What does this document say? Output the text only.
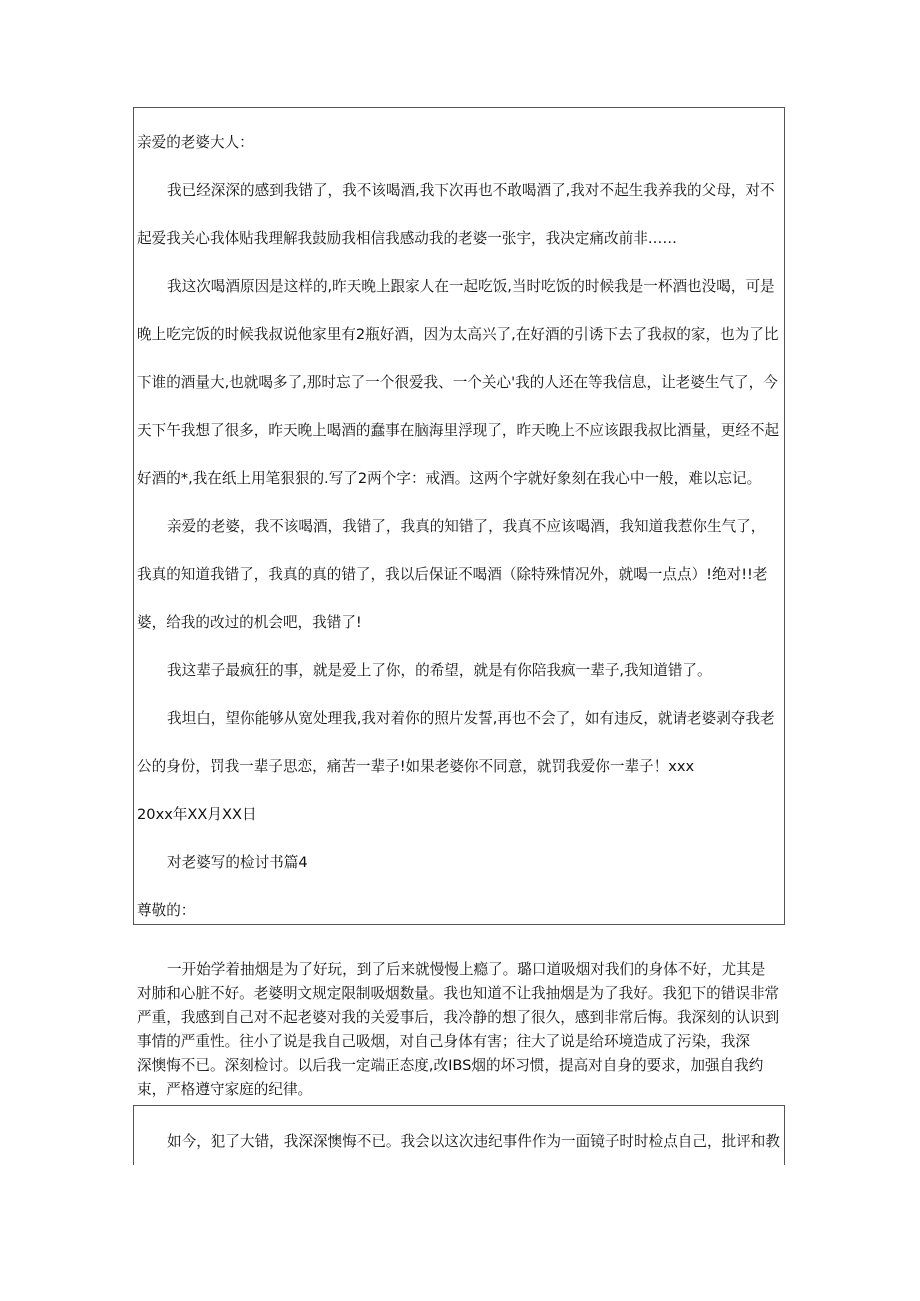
亲爱的老婆大人：

我已经深深的感到我错了，我不该喝酒,我下次再也不敢喝酒了,我对不起生我养我的父母，对不

起爱我关心我体贴我理解我鼓励我相信我感动我的老婆一张宇，我决定痛改前非……

我这次喝酒原因是这样的,昨天晚上跟家人在一起吃饭,当时吃饭的时候我是一杯酒也没喝，可是

晚上吃完饭的时候我叔说他家里有2瓶好酒，因为太高兴了,在好酒的引诱下去了我叔的家，也为了比

下谁的酒量大,也就喝多了,那时忘了一个很爱我、一个关心'我的人还在等我信息，让老婆生气了，今

天下午我想了很多，昨天晚上喝酒的蠢事在脑海里浮现了，昨天晚上不应该跟我叔比酒量，更经不起

好酒的*,我在纸上用笔狠狠的.写了2两个字：戒酒。这两个字就好象刻在我心中一般，难以忘记。

亲爱的老婆，我不该喝酒，我错了，我真的知错了，我真不应该喝酒，我知道我惹你生气了，

我真的知道我错了，我真的真的错了，我以后保证不喝酒（除特殊情况外，就喝一点点）!绝对!!老

婆，给我的改过的机会吧，我错了!

我这辈子最疯狂的事，就是爱上了你，的希望，就是有你陪我疯一辈子,我知道错了。

我坦白，望你能够从宽处理我,我对着你的照片发誓,再也不会了，如有违反，就请老婆剥夺我老

公的身份，罚我一辈子思恋，痛苦一辈子!如果老婆你不同意，就罚我爱你一辈子！xxx

20xx年XX月XX日

对老婆写的检讨书篇4

尊敬的：

一开始学着抽烟是为了好玩，到了后来就慢慢上瘾了。璐口道吸烟对我们的身体不好，尤其是

对肺和心脏不好。老婆明文规定限制吸烟数量。我也知道不让我抽烟是为了我好。我犯下的错误非常

严重，我感到自己对不起老婆对我的关爱事后，我冷静的想了很久，感到非常后悔。我深刻的认识到

事情的严重性。往小了说是我自己吸烟，对自己身体有害；往大了说是给环境造成了污染，我深

深懊悔不已。深刻检讨。以后我一定端正态度,改IBS烟的坏习惯，提高对自身的要求，加强自我约

束，严格遵守家庭的纪律。

如今，犯了大错，我深深懊悔不已。我会以这次违纪事件作为一面镜子时时检点自己，批评和教
